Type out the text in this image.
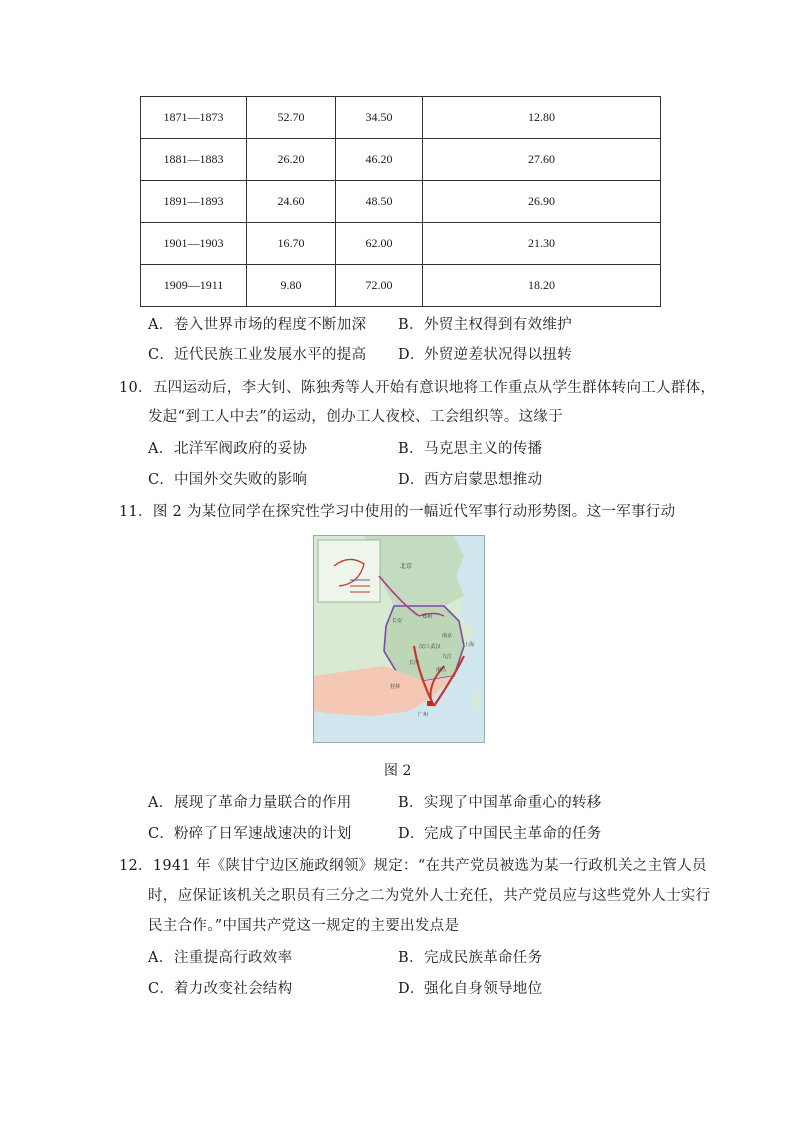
1871—1873	52.70	34.50	12.80
1881—1883	26.20	46.20	27.60
1891—1893	24.60	48.50	26.90
1901—1903	16.70	62.00	21.30
1909—1911	9.80	72.00	18.20
A．卷入世界市场的程度不断加深 B．外贸主权得到有效维护
C．近代民族工业发展水平的提高 D．外贸逆差状况得以扭转
10．五四运动后，李大钊、陈独秀等人开始有意识地将工作重点从学生群体转向工人群体，
发起“到工人中去”的运动，创办工人夜校、工会组织等。这缘于
A．北洋军阀政府的妥协	B．马克思主义的传播
C．中国外交失败的影响	D．西方启蒙思想推动
11．图 2 为某位同学在探究性学习中使用的一幅近代军事行动形势图。这一军事行动
北京
长安
郑州
汉口·武汉
南京
上海
九江
长沙
南昌
桂林
广州
图 2
A．展现了革命力量联合的作用	B．实现了中国革命重心的转移
C．粉碎了日军速战速决的计划	D．完成了中国民主革命的任务
12．1941 年《陕甘宁边区施政纲领》规定：“在共产党员被选为某一行政机关之主管人员
时，应保证该机关之职员有三分之二为党外人士充任，共产党员应与这些党外人士实行
民主合作。”中国共产党这一规定的主要出发点是
A．注重提高行政效率	B．完成民族革命任务
C．着力改变社会结构	D．强化自身领导地位
